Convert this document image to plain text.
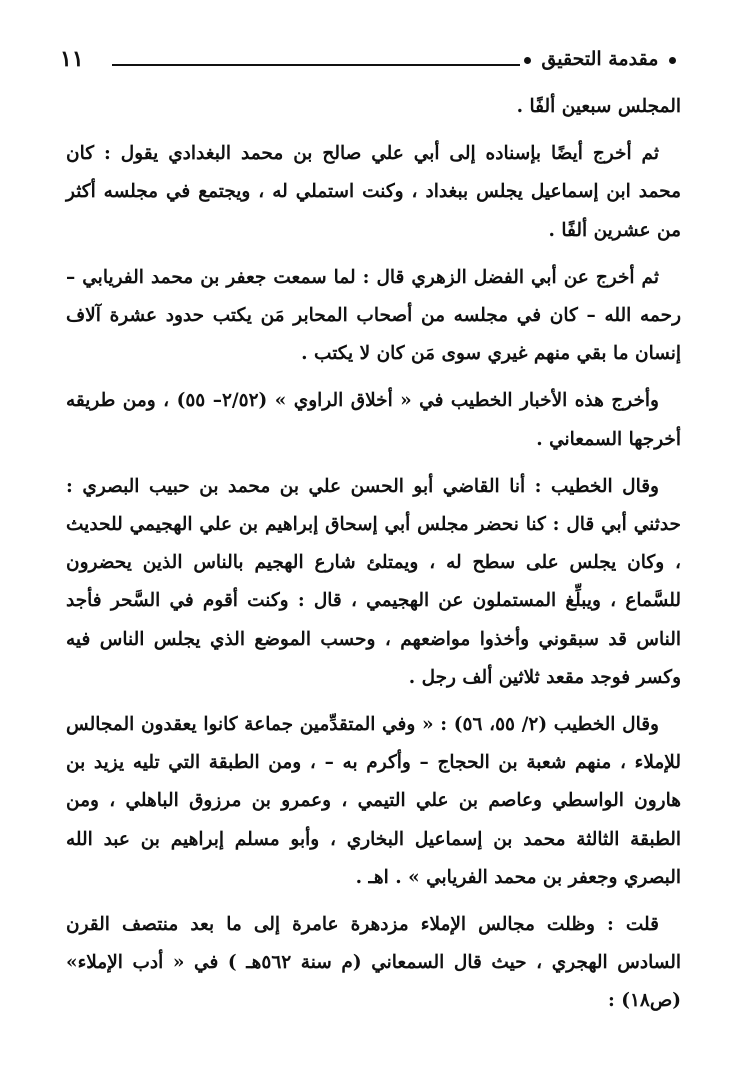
١١	مقدمة التحقيق

المجلس سبعين ألفًا .

ثم أخرج أيضًا بإسناده إلى أبي علي صالح بن محمد البغدادي يقول : كان محمد ابن إسماعيل يجلس ببغداد ، وكنت استملي له ، ويجتمع في مجلسه أكثر من عشرين ألفًا .

ثم أخرج عن أبي الفضل الزهري قال : لما سمعت جعفر بن محمد الفريابي – رحمه الله – كان في مجلسه من أصحاب المحابر مَن يكتب حدود عشرة آلاف إنسان ما بقي منهم غيري سوى مَن كان لا يكتب .

وأخرج هذه الأخبار الخطيب في « أخلاق الراوي » (٢/٥٢– ٥٥) ، ومن طريقه أخرجها السمعاني .

وقال الخطيب : أنا القاضي أبو الحسن علي بن محمد بن حبيب البصري : حدثني أبي قال : كنا نحضر مجلس أبي إسحاق إبراهيم بن علي الهجيمي للحديث ، وكان يجلس على سطح له ، ويمتلئ شارع الهجيم بالناس الذين يحضرون للسَّماع ، ويبلِّغ المستملون عن الهجيمي ، قال : وكنت أقوم في السَّحر فأجد الناس قد سبقوني وأخذوا مواضعهم ، وحسب الموضع الذي يجلس الناس فيه وكسر فوجد مقعد ثلاثين ألف رجل .

وقال الخطيب (٢/ ٥٥، ٥٦) : « وفي المتقدِّمين جماعة كانوا يعقدون المجالس للإملاء ، منهم شعبة بن الحجاج – وأكرم به – ، ومن الطبقة التي تليه يزيد بن هارون الواسطي وعاصم بن علي التيمي ، وعمرو بن مرزوق الباهلي ، ومن الطبقة الثالثة محمد بن إسماعيل البخاري ، وأبو مسلم إبراهيم بن عبد الله البصري وجعفر بن محمد الفريابي » . اهـ .

قلت : وظلت مجالس الإملاء مزدهرة عامرة إلى ما بعد منتصف القرن السادس الهجري ، حيث قال السمعاني (م سنة ٥٦٢هـ ) في « أدب الإملاء» (ص١٨) :
